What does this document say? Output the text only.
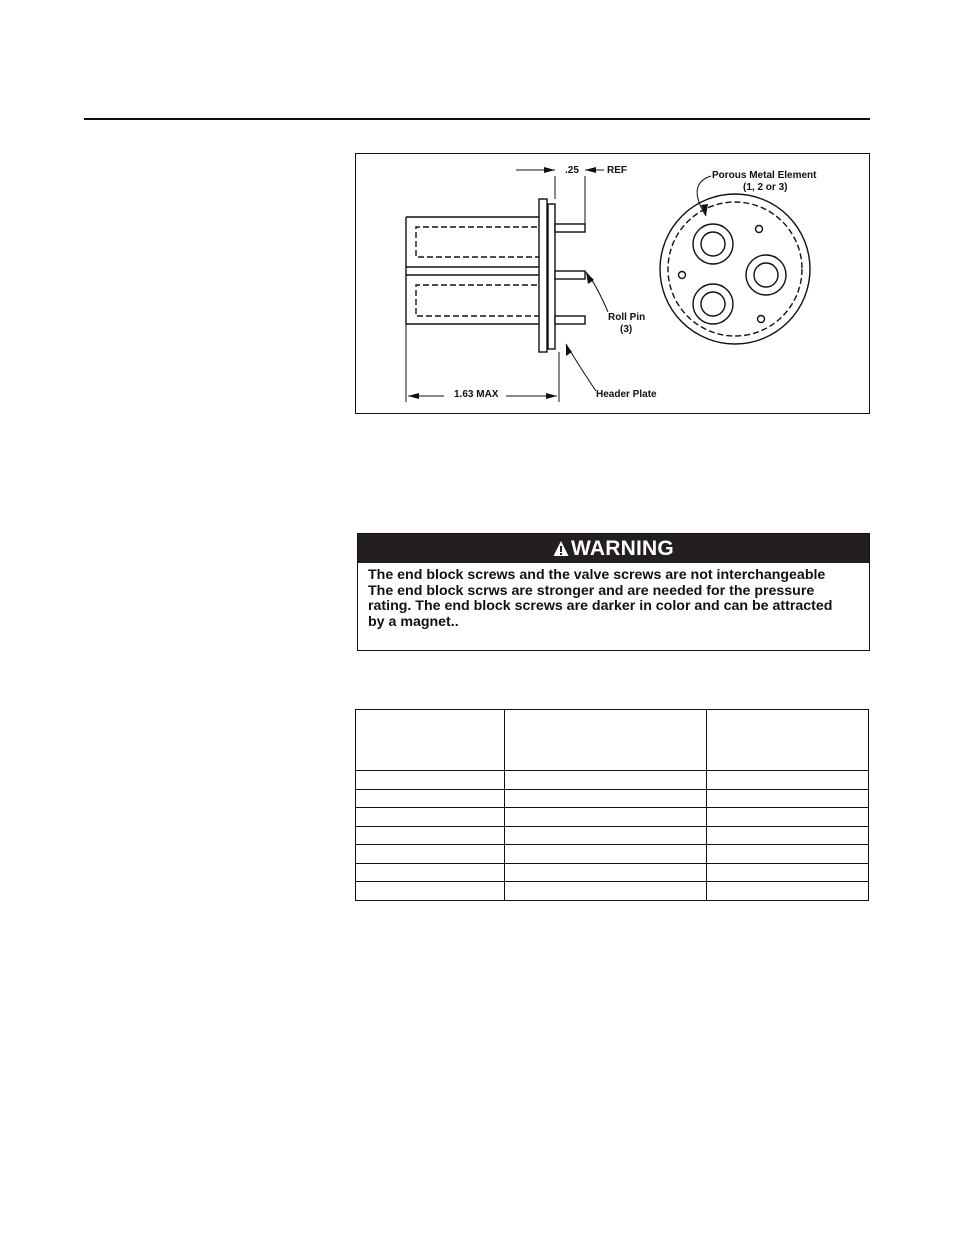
.25	REF	Porous Metal Element
(1, 2 or 3)
Roll Pin
(3)
1.63 MAX	Header Plate
WARNING
The end block screws and the valve screws are not interchangeable
The end block scrws are stronger and are needed for the pressure
rating. The end block screws are darker in color and can be attracted
by a magnet..
